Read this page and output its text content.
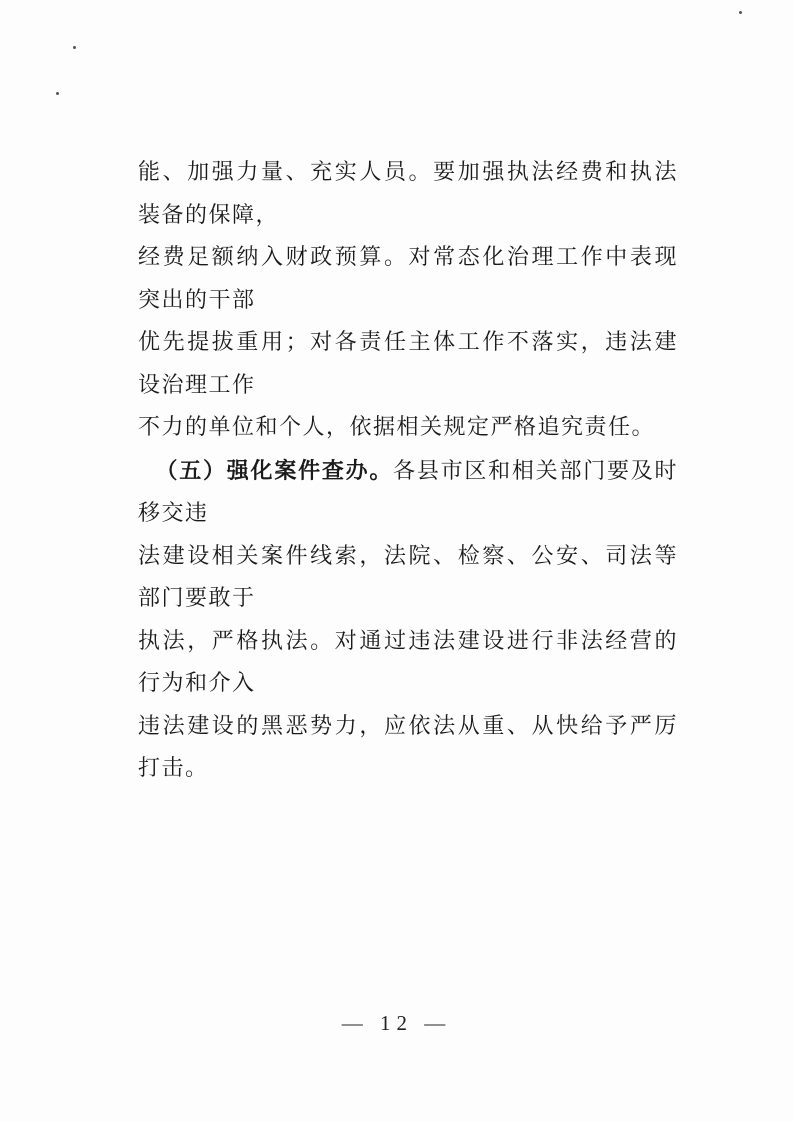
能、加强力量、充实人员。要加强执法经费和执法装备的保障，
经费足额纳入财政预算。对常态化治理工作中表现突出的干部
优先提拔重用；对各责任主体工作不落实，违法建设治理工作
不力的单位和个人，依据相关规定严格追究责任。

（五）强化案件查办。各县市区和相关部门要及时移交违
法建设相关案件线索，法院、检察、公安、司法等部门要敢于
执法，严格执法。对通过违法建设进行非法经营的行为和介入
违法建设的黑恶势力，应依法从重、从快给予严厉打击。

— 12 —
